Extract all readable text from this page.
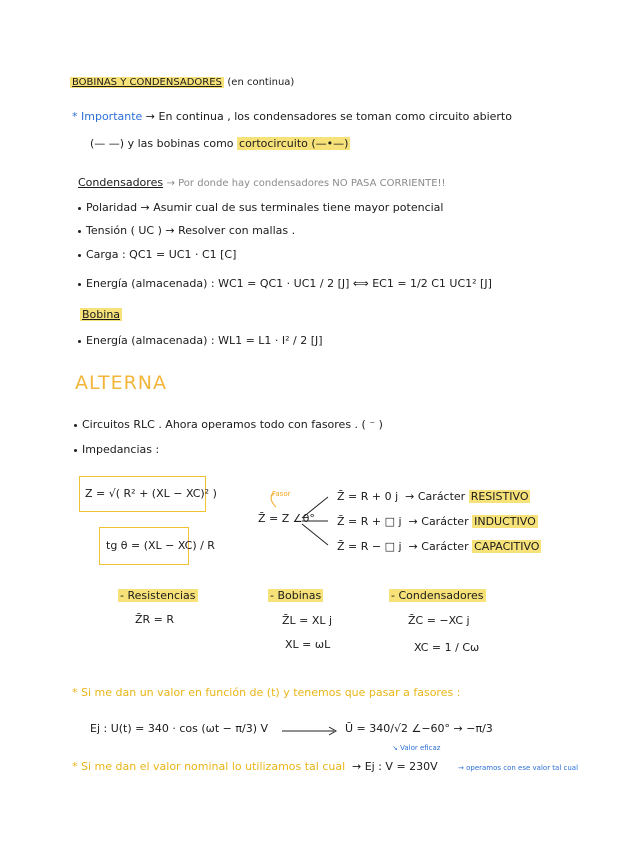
BOBINAS Y CONDENSADORES (en continua)
* Importante → En continua , los condensadores se toman como circuito abierto
(— —) y las bobinas como cortocircuito (—•—)
Condensadores → Por donde hay condensadores NO PASA CORRIENTE!!
Polaridad → Asumir cual de sus terminales tiene mayor potencial
Tensión ( UC ) → Resolver con mallas .
Carga : QC1 = UC1 · C1 [C]
Energía (almacenada) : WC1 = QC1 · UC1 / 2 [J] ⟺ EC1 = 1/2 C1 UC1² [J]
Bobina
Energía (almacenada) : WL1 = L1 · I² / 2 [J]
ALTERNA
Circuitos RLC . Ahora operamos todo con fasores . ( ⁻ )
Impedancias :
Z = √( R² + (XL − XC)² )
tg θ = (XL − XC) / R
Fasor
Z̄ = Z ∠θ°
Z̄ = R + 0 j → Carácter RESISTIVO
Z̄ = R + □ j → Carácter INDUCTIVO
Z̄ = R − □ j → Carácter CAPACITIVO
- Resistencias
Z̄R = R
- Bobinas
Z̄L = XL j
XL = ωL
- Condensadores
Z̄C = −XC j
XC = 1 / Cω
* Si me dan un valor en función de (t) y tenemos que pasar a fasores :
Ej : U(t) = 340 · cos (ωt − π/3) V	Ū = 340/√2 ∠−60° → −π/3
↘ Valor eficaz
* Si me dan el valor nominal lo utilizamos tal cual → Ej : V = 230V	→ operamos con ese valor tal cual
